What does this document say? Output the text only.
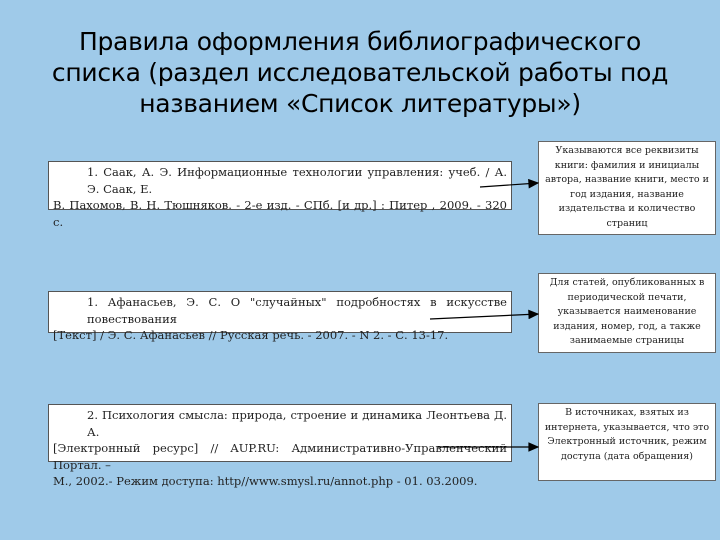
Правила оформления библиографического
списка (раздел исследовательской работы под
названием «Список литературы»)
1. Саак, А. Э. Информационные технологии управления: учеб. / А. Э. Саак, Е.
В. Пахомов, В. Н. Тюшняков. - 2-е изд. - СПб. [и др.] : Питер , 2009. - 320 с.
1. Афанасьев, Э. С. О "случайных" подробностях в искусстве повествования
[Текст] / Э. С. Афанасьев // Русская речь. - 2007. - N 2. - С. 13-17.
2. Психология смысла: природа, строение и динамика Леонтьева Д. А.
[Электронный ресурс] // AUP.RU: Административно-Управленческий Портал. –
М., 2002.- Режим доступа: http//www.smysl.ru/annot.php - 01. 03.2009.
Указываются все реквизиты книги: фамилия и инициалы автора, название книги, место и год издания, название издательства и количество страниц
Для статей, опубликованных в периодической печати, указывается наименование издания, номер, год, а также занимаемые страницы
В источниках, взятых из интернета, указывается, что это Электронный источник, режим доступа (дата обращения)
